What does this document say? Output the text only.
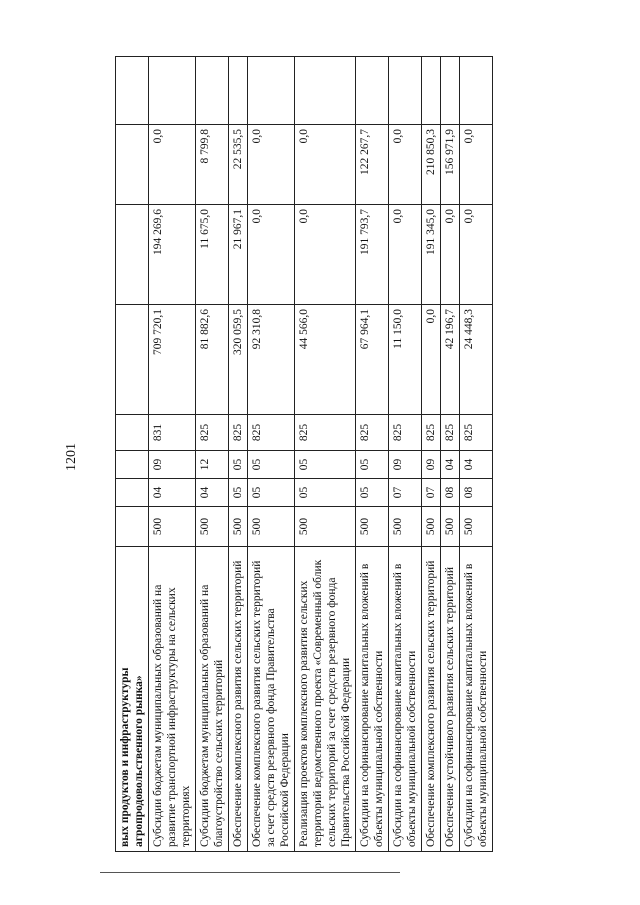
1201
вых продуктов и инфраструктуры агропродовольственного рынка»								
Субсидии бюджетам муниципальных образований на развитие транспортной инфраструктуры на сельских территориях	500	04	09	831	709 720,1	194 269,6	0,0	
Субсидии бюджетам муниципальных образований на благоустройство сельских территорий	500	04	12	825	81 882,6	11 675,0	8 799,8	
Обеспечение комплексного развития сельских территорий	500	05	05	825	320 059,5	21 967,1	22 535,5	
Обеспечение комплексного развития сельских территорий за счет средств резервного фонда Правительства Российской Федерации	500	05	05	825	92 310,8	0,0	0,0	
Реализация проектов комплексного развития сельских территорий ведомственного проекта «Современный облик сельских территорий за счет средств резервного фонда Правительства Российской Федерации	500	05	05	825	44 566,0	0,0	0,0	
Субсидии на софинансирование капитальных вложений в объекты муниципальной собственности	500	05	05	825	67 964,1	191 793,7	122 267,7	
Субсидии на софинансирование капитальных вложений в объекты муниципальной собственности	500	07	09	825	11 150,0	0,0	0,0	
Обеспечение комплексного развития сельских территорий	500	07	09	825	0,0	191 345,0	210 850,3	
Обеспечение устойчивого развития сельских территорий	500	08	04	825	42 196,7	0,0	156 971,9	
Субсидии на софинансирование капитальных вложений в объекты муниципальной собственности	500	08	04	825	24 448,3	0,0	0,0	
